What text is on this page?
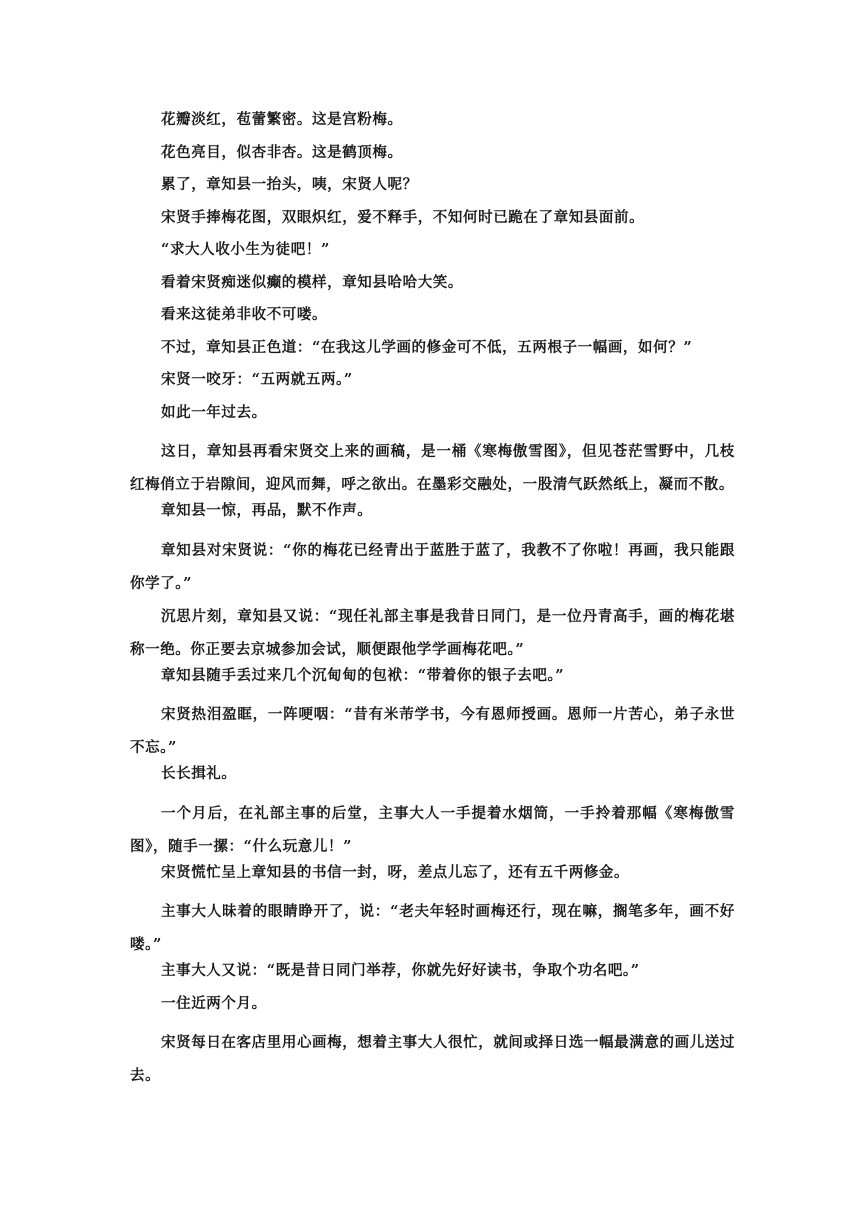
花瓣淡红，苞蕾繁密。这是宫粉梅。

花色亮目，似杏非杏。这是鹤顶梅。

累了，章知县一抬头，咦，宋贤人呢？

宋贤手捧梅花图，双眼炽红，爱不释手，不知何时已跪在了章知县面前。

“求大人收小生为徒吧！”

看着宋贤痴迷似癫的模样，章知县哈哈大笑。

看来这徒弟非收不可喽。

不过，章知县正色道：“在我这儿学画的修金可不低，五两根子一幅画，如何？”

宋贤一咬牙：“五两就五两。”

如此一年过去。

这日，章知县再看宋贤交上来的画稿，是一桶《寒梅傲雪图》，但见苍茫雪野中，几枝红梅俏立于岩隙间，迎风而舞，呼之欲出。在墨彩交融处，一股清气跃然纸上，凝而不散。

章知县一惊，再品，默不作声。

章知县对宋贤说：“你的梅花已经青出于蓝胜于蓝了，我教不了你啦！再画，我只能跟你学了。”

沉思片刻，章知县又说：“现任礼部主事是我昔日同门，是一位丹青高手，画的梅花堪称一绝。你正要去京城参加会试，顺便跟他学学画梅花吧。”

章知县随手丢过来几个沉甸甸的包袱：“带着你的银子去吧。”

宋贤热泪盈眶，一阵哽咽：“昔有米芾学书，今有恩师授画。恩师一片苦心，弟子永世不忘。”

长长揖礼。

一个月后，在礼部主事的后堂，主事大人一手提着水烟筒，一手拎着那幅《寒梅傲雪图》，随手一摞：“什么玩意儿！”

宋贤慌忙呈上章知县的书信一封，呀，差点儿忘了，还有五千两修金。

主事大人昧着的眼睛睁开了，说：“老夫年轻时画梅还行，现在嘛，搁笔多年，画不好喽。”

主事大人又说：“既是昔日同门举荐，你就先好好读书，争取个功名吧。”

一住近两个月。

宋贤每日在客店里用心画梅，想着主事大人很忙，就间或择日选一幅最满意的画儿送过去。
